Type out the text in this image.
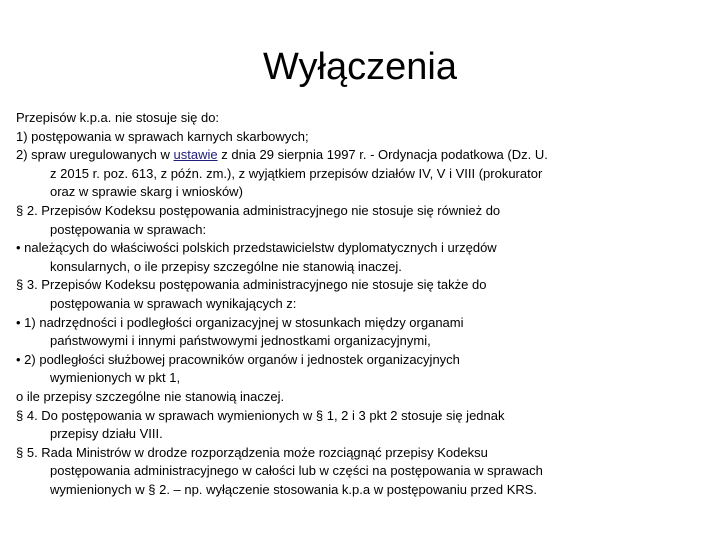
Wyłączenia
Przepisów k.p.a. nie stosuje się do:
1) postępowania w sprawach karnych skarbowych;
2) spraw uregulowanych w ustawie z dnia 29 sierpnia 1997 r. - Ordynacja podatkowa (Dz. U.
z 2015 r. poz. 613, z późn. zm.), z wyjątkiem przepisów działów IV, V i VIII (prokurator
oraz w sprawie skarg i wniosków)
§ 2. Przepisów Kodeksu postępowania administracyjnego nie stosuje się również do
postępowania w sprawach:
• należących do właściwości polskich przedstawicielstw dyplomatycznych i urzędów
konsularnych, o ile przepisy szczególne nie stanowią inaczej.
§ 3. Przepisów Kodeksu postępowania administracyjnego nie stosuje się także do
postępowania w sprawach wynikających z:
• 1) nadrzędności i podległości organizacyjnej w stosunkach między organami
państwowymi i innymi państwowymi jednostkami organizacyjnymi,
• 2) podległości służbowej pracowników organów i jednostek organizacyjnych
wymienionych w pkt 1,
o ile przepisy szczególne nie stanowią inaczej.
§ 4. Do postępowania w sprawach wymienionych w § 1, 2 i 3 pkt 2 stosuje się jednak
przepisy działu VIII.
§ 5. Rada Ministrów w drodze rozporządzenia może rozciągnąć przepisy Kodeksu
postępowania administracyjnego w całości lub w części na postępowania w sprawach
wymienionych w § 2. – np. wyłączenie stosowania k.p.a w postępowaniu przed KRS.
